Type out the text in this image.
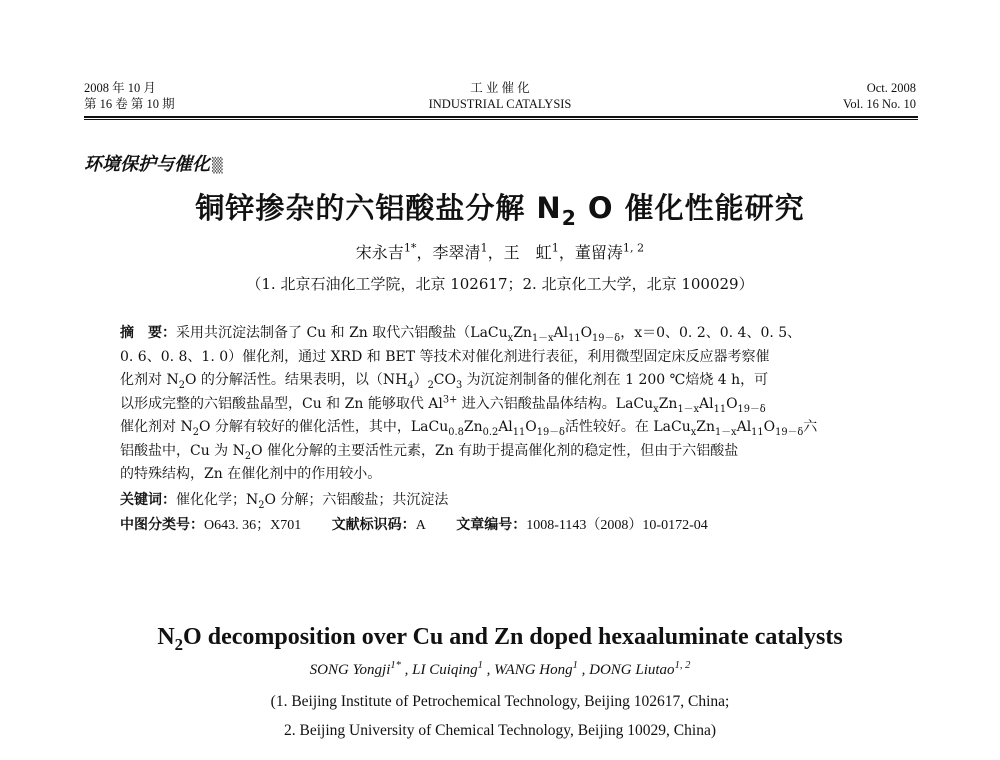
2008 年 10 月
第 16 卷 第 10 期
工 业 催 化
INDUSTRIAL CATALYSIS
Oct. 2008
Vol. 16 No. 10
环境保护与催化 ▒
铜锌掺杂的六铝酸盐分解 $N_2$ O 催化性能研究
宋永吉$^{1*}$，李翠清$^1$，王　虹$^1$，董留涛$^{1, 2}$
（1. 北京石油化工学院，北京 102617；2. 北京化工大学，北京 100029）
摘　要：采用共沉淀法制备了 Cu 和 Zn 取代六铝酸盐（$LaCu_xZn_{1-x}Al_{11}O_{19-\delta}$，x＝0、0. 2、0. 4、0. 5、
0. 6、0. 8、1. 0）催化剂，通过 XRD 和 BET 等技术对催化剂进行表征，利用微型固定床反应器考察催
化剂对 $N_2O$ 的分解活性。结果表明，以$(NH_4)_2CO_3$ 为沉淀剂制备的催化剂在 1 200 ℃焙烧 4 h，可
以形成完整的六铝酸盐晶型，Cu 和 Zn 能够取代 $Al^{3+}$ 进入六铝酸盐晶体结构。$LaCu_xZn_{1-x}Al_{11}O_{19-\delta}$
催化剂对 $N_2O$ 分解有较好的催化活性，其中，$LaCu_{0.8}Zn_{0.2}Al_{11}O_{19-\delta}$活性较好。在 $LaCu_xZn_{1-x}Al_{11}O_{19-\delta}$六
铝酸盐中，Cu 为 $N_2O$ 催化分解的主要活性元素，Zn 有助于提高催化剂的稳定性，但由于六铝酸盐
的特殊结构，Zn 在催化剂中的作用较小。
关键词：催化化学；$N_2O$ 分解；六铝酸盐；共沉淀法
中图分类号：O643. 36；X701 文献标识码：A 文章编号：1008-1143（2008）10-0172-04
$N_2O$ decomposition over Cu and Zn doped hexaaluminate catalysts
SONG Yongji$^{1*}$ , LI Cuiqing$^1$ , WANG Hong$^1$ , DONG Liutao$^{1, 2}$
(1. Beijing Institute of Petrochemical Technology, Beijing 102617, China;
2. Beijing University of Chemical Technology, Beijing 10029, China)
